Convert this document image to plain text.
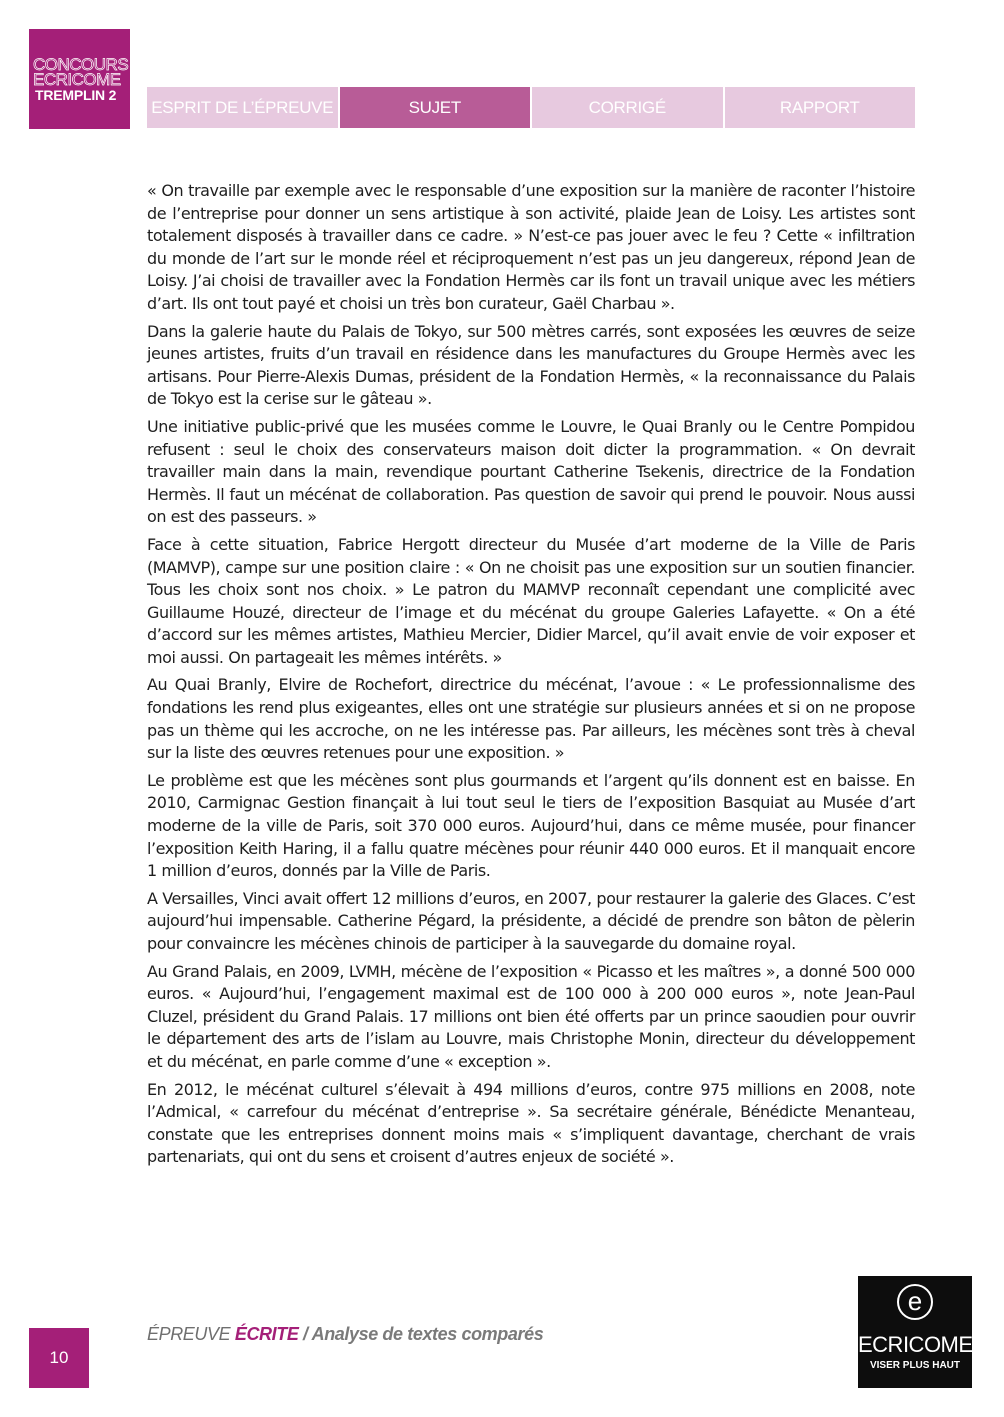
CONCOURS
ECRICOME
TREMPLIN 2
ESPRIT DE L’ÉPREUVE	SUJET	CORRIGÉ	RAPPORT

« On travaille par exemple avec le responsable d’une exposition sur la manière de raconter l’histoire de l’entreprise pour donner un sens artistique à son activité, plaide Jean de Loisy. Les artistes sont totalement disposés à travailler dans ce cadre. » N’est-ce pas jouer avec le feu ? Cette « infiltration du monde de l’art sur le monde réel et réciproquement n’est pas un jeu dangereux, répond Jean de Loisy. J’ai choisi de travailler avec la Fondation Hermès car ils font un travail unique avec les métiers d’art. Ils ont tout payé et choisi un très bon curateur, Gaël Charbau ».

Dans la galerie haute du Palais de Tokyo, sur 500 mètres carrés, sont exposées les œuvres de seize jeunes artistes, fruits d’un travail en résidence dans les manufactures du Groupe Hermès avec les artisans. Pour Pierre-Alexis Dumas, président de la Fondation Hermès, « la reconnaissance du Palais de Tokyo est la cerise sur le gâteau ».

Une initiative public-privé que les musées comme le Louvre, le Quai Branly ou le Centre Pompidou refusent : seul le choix des conservateurs maison doit dicter la programmation. « On devrait travailler main dans la main, revendique pourtant Catherine Tsekenis, directrice de la Fondation Hermès. Il faut un mécénat de collaboration. Pas question de savoir qui prend le pouvoir. Nous aussi on est des passeurs. »

Face à cette situation, Fabrice Hergott directeur du Musée d’art moderne de la Ville de Paris (MAMVP), campe sur une position claire : « On ne choisit pas une exposition sur un soutien financier. Tous les choix sont nos choix. » Le patron du MAMVP reconnaît cependant une complicité avec Guillaume Houzé, directeur de l’image et du mécénat du groupe Galeries Lafayette. « On a été d’accord sur les mêmes artistes, Mathieu Mercier, Didier Marcel, qu’il avait envie de voir exposer et moi aussi. On partageait les mêmes intérêts. »

Au Quai Branly, Elvire de Rochefort, directrice du mécénat, l’avoue : « Le professionnalisme des fondations les rend plus exigeantes, elles ont une stratégie sur plusieurs années et si on ne propose pas un thème qui les accroche, on ne les intéresse pas. Par ailleurs, les mécènes sont très à cheval sur la liste des œuvres retenues pour une exposition. »

Le problème est que les mécènes sont plus gourmands et l’argent qu’ils donnent est en baisse. En 2010, Carmignac Gestion finançait à lui tout seul le tiers de l’exposition Basquiat au Musée d’art moderne de la ville de Paris, soit 370 000 euros. Aujourd’hui, dans ce même musée, pour financer l’exposition Keith Haring, il a fallu quatre mécènes pour réunir 440 000 euros. Et il manquait encore 1 million d’euros, donnés par la Ville de Paris.

A Versailles, Vinci avait offert 12 millions d’euros, en 2007, pour restaurer la galerie des Glaces. C’est aujourd’hui impensable. Catherine Pégard, la présidente, a décidé de prendre son bâton de pèlerin pour convaincre les mécènes chinois de participer à la sauvegarde du domaine royal.

Au Grand Palais, en 2009, LVMH, mécène de l’exposition « Picasso et les maîtres », a donné 500 000 euros. « Aujourd’hui, l’engagement maximal est de 100 000 à 200 000 euros », note Jean-Paul Cluzel, président du Grand Palais. 17 millions ont bien été offerts par un prince saoudien pour ouvrir le département des arts de l’islam au Louvre, mais Christophe Monin, directeur du développement et du mécénat, en parle comme d’une « exception ».

En 2012, le mécénat culturel s’élevait à 494 millions d’euros, contre 975 millions en 2008, note l’Admical, « carrefour du mécénat d’entreprise ». Sa secrétaire générale, Bénédicte Menanteau, constate que les entreprises donnent moins mais « s’impliquent davantage, cherchant de vrais partenariats, qui ont du sens et croisent d’autres enjeux de société ».

ÉPREUVE ÉCRITE / Analyse de textes comparés
10
e
ECRICOME
VISER PLUS HAUT
